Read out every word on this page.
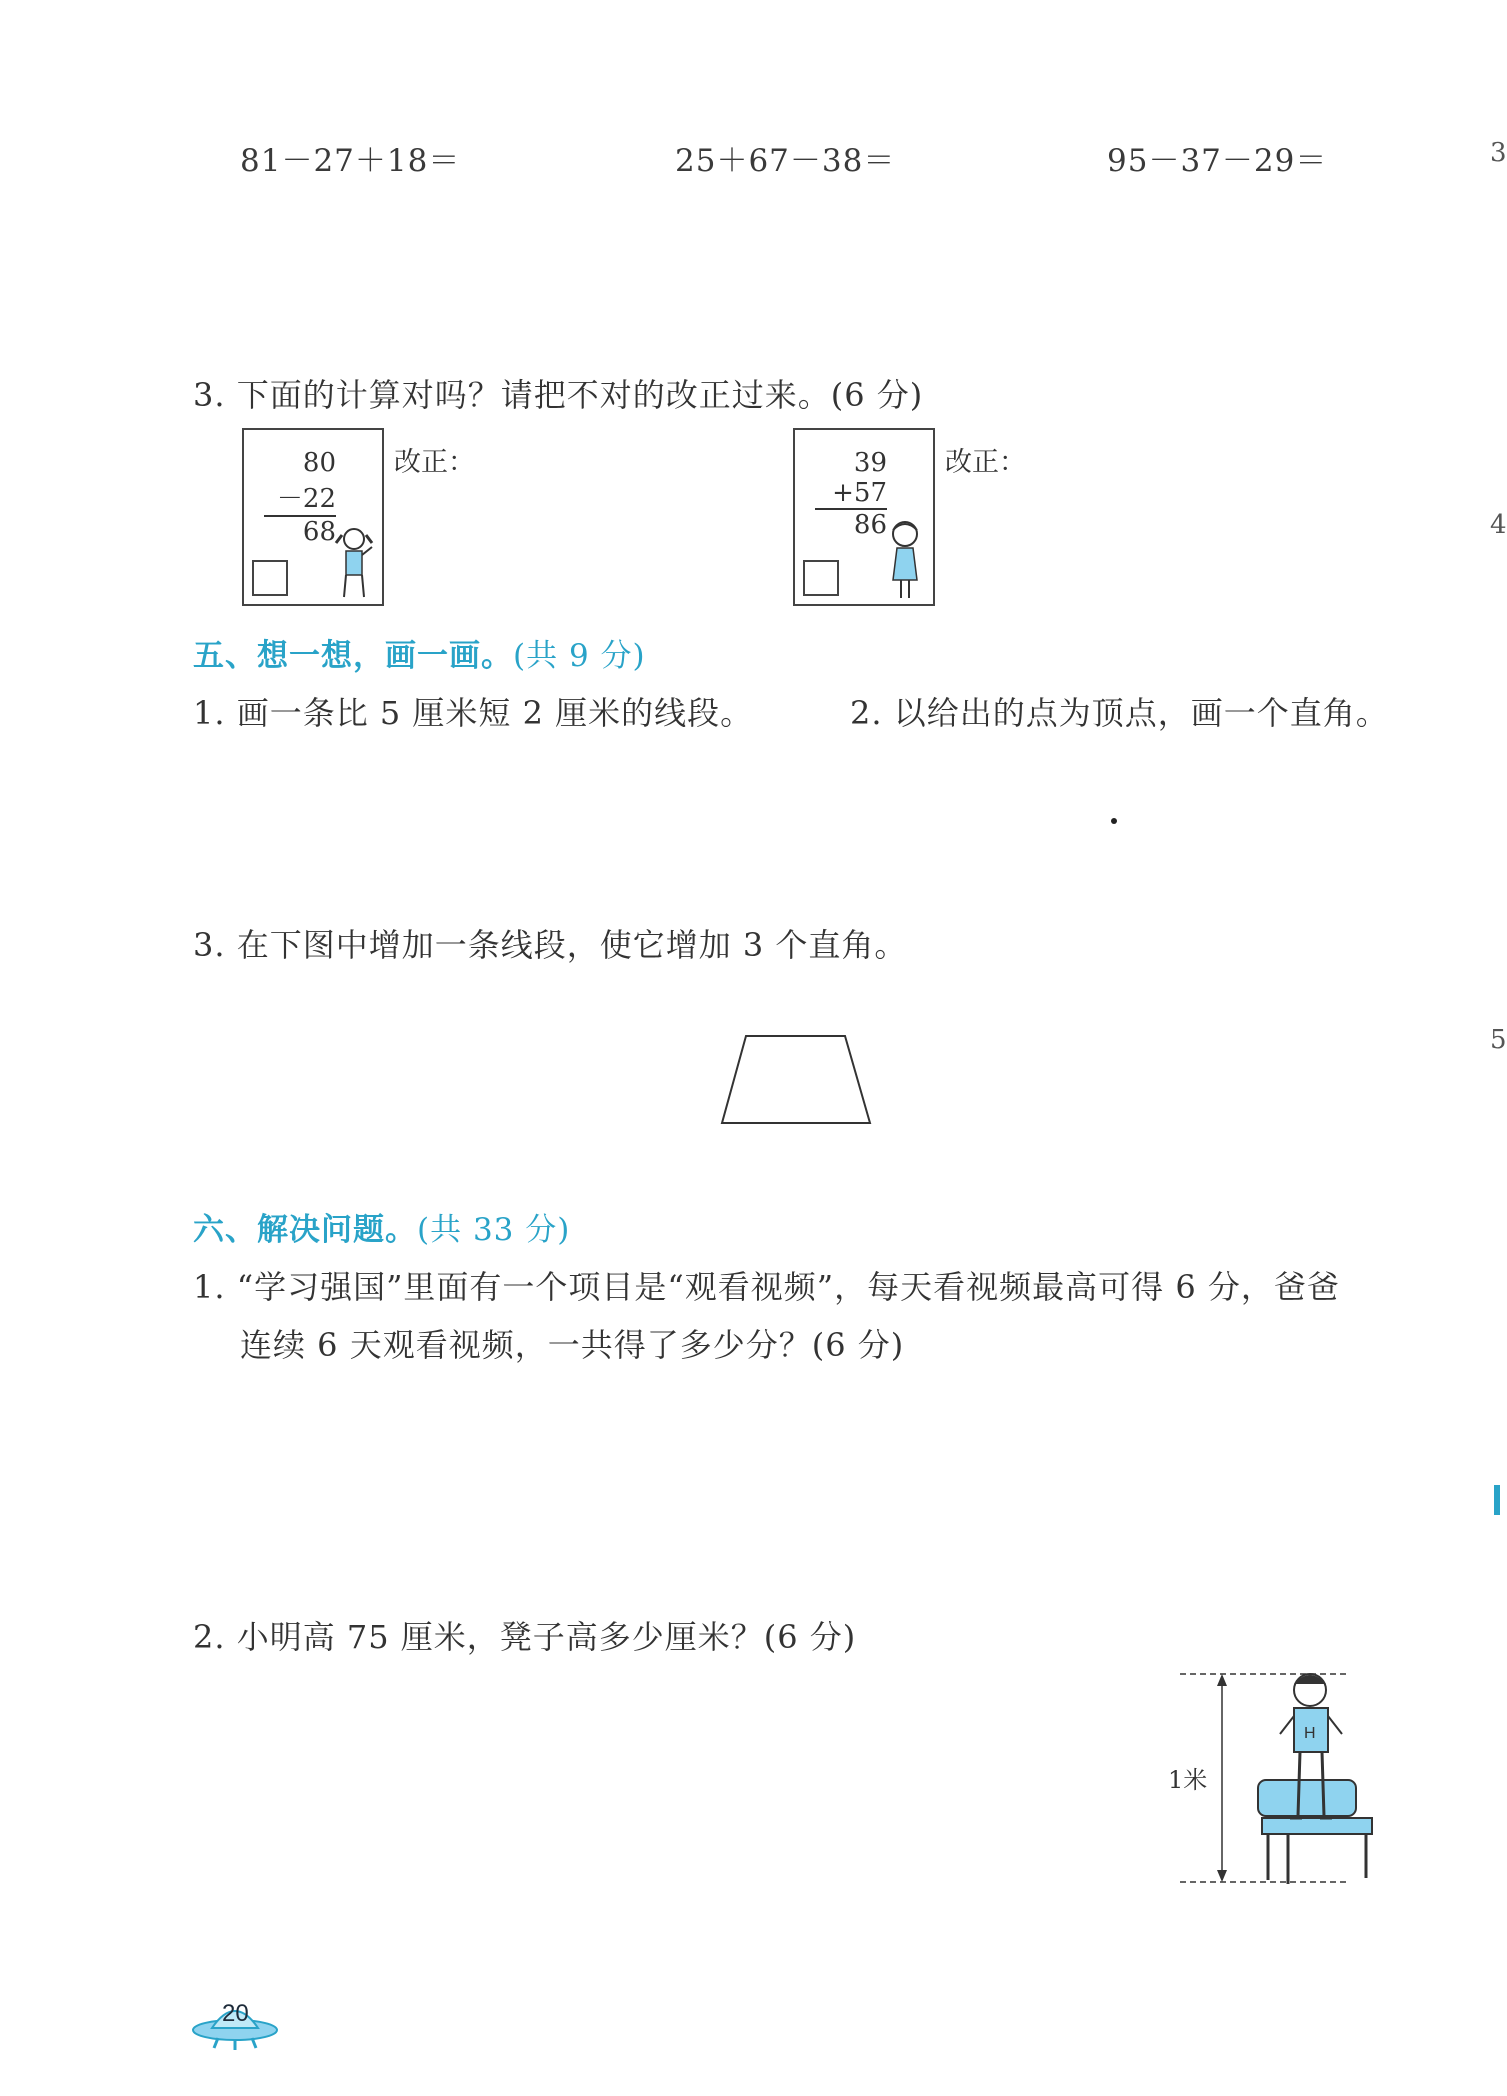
81－27＋18＝	25＋67－38＝	95－37－29＝	3
4
5
3. 下面的计算对吗？请把不对的改正过来。(6 分)
80
－22
68
改正：	39
+57
86
改正：
五、想一想，画一画。(共 9 分)
1. 画一条比 5 厘米短 2 厘米的线段。	2. 以给出的点为顶点，画一个直角。
3. 在下图中增加一条线段，使它增加 3 个直角。
六、解决问题。(共 33 分)
1. “学习强国”里面有一个项目是“观看视频”，每天看视频最高可得 6 分，爸爸
连续 6 天观看视频，一共得了多少分？(6 分)
2. 小明高 75 厘米，凳子高多少厘米？(6 分)
H
1米
20
